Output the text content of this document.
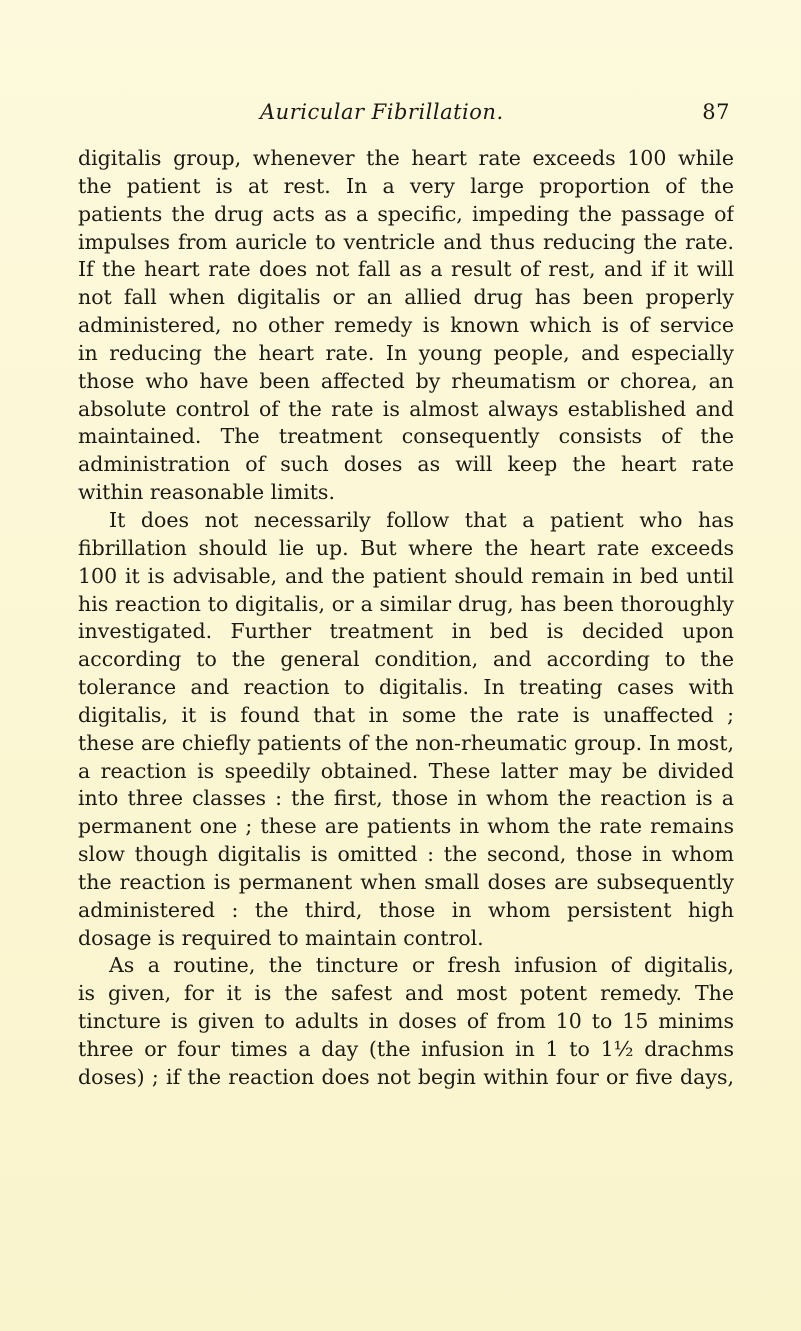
Auricular Fibrillation.	87
digitalis group, whenever the heart rate exceeds 100 while
the patient is at rest. In a very large proportion of the
patients the drug acts as a specific, impeding the passage of
impulses from auricle to ventricle and thus reducing the rate.
If the heart rate does not fall as a result of rest, and if it will
not fall when digitalis or an allied drug has been properly
administered, no other remedy is known which is of service
in reducing the heart rate. In young people, and especially
those who have been affected by rheumatism or chorea, an
absolute control of the rate is almost always established and
maintained. The treatment consequently consists of the
administration of such doses as will keep the heart rate
within reasonable limits.
It does not necessarily follow that a patient who has
fibrillation should lie up. But where the heart rate exceeds
100 it is advisable, and the patient should remain in bed until
his reaction to digitalis, or a similar drug, has been thoroughly
investigated. Further treatment in bed is decided upon
according to the general condition, and according to the
tolerance and reaction to digitalis. In treating cases with
digitalis, it is found that in some the rate is unaffected ;
these are chiefly patients of the non-rheumatic group. In most,
a reaction is speedily obtained. These latter may be divided
into three classes : the first, those in whom the reaction is a
permanent one ; these are patients in whom the rate remains
slow though digitalis is omitted : the second, those in whom
the reaction is permanent when small doses are subsequently
administered : the third, those in whom persistent high
dosage is required to maintain control.
As a routine, the tincture or fresh infusion of digitalis,
is given, for it is the safest and most potent remedy. The
tincture is given to adults in doses of from 10 to 15 minims
three or four times a day (the infusion in 1 to 1½ drachms
doses) ; if the reaction does not begin within four or five days,
